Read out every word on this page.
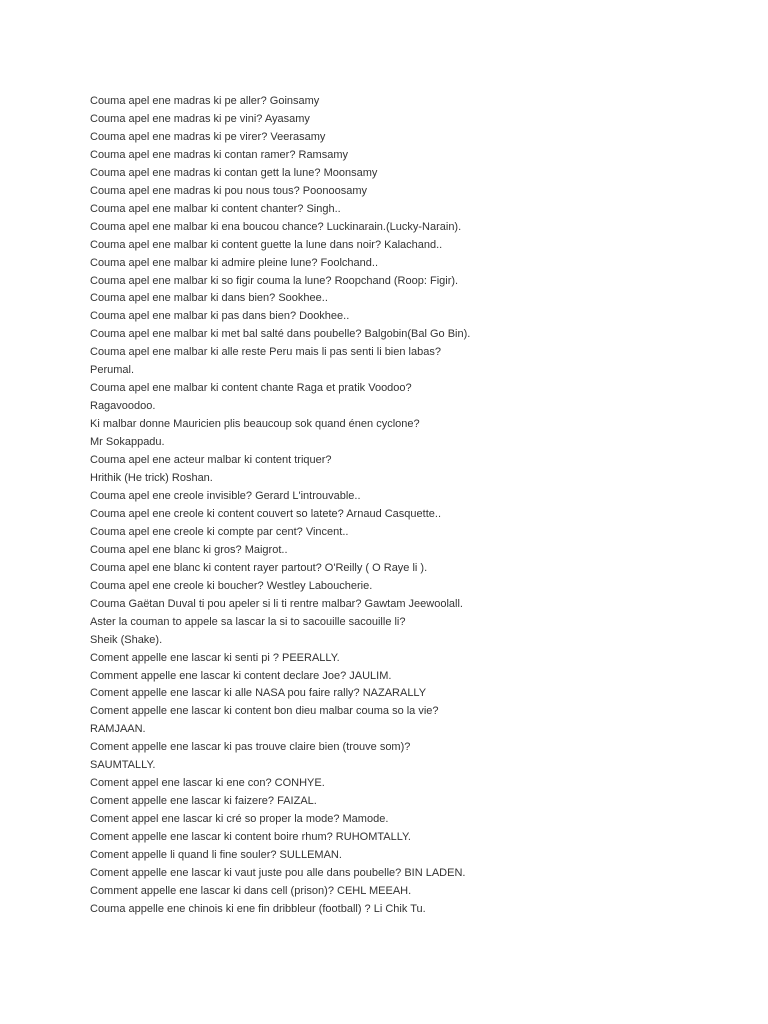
Couma apel ene madras ki pe aller? Goinsamy
Couma apel ene madras ki pe vini? Ayasamy
Couma apel ene madras ki pe virer? Veerasamy
Couma apel ene madras ki contan ramer? Ramsamy
Couma apel ene madras ki contan gett la lune? Moonsamy
Couma apel ene madras ki pou nous tous? Poonoosamy
Couma apel ene malbar ki content chanter? Singh..
Couma apel ene malbar ki ena boucou chance? Luckinarain.(Lucky-Narain).
Couma apel ene malbar ki content guette la lune dans noir? Kalachand..
Couma apel ene malbar ki admire pleine lune? Foolchand..
Couma apel ene malbar ki so figir couma la lune? Roopchand (Roop: Figir).
Couma apel ene malbar ki dans bien? Sookhee..
Couma apel ene malbar ki pas dans bien? Dookhee..
Couma apel ene malbar ki met bal salté dans poubelle? Balgobin(Bal Go Bin).
Couma apel ene malbar ki alle reste Peru mais li pas senti li bien labas?
Perumal.
Couma apel ene malbar ki content chante Raga et pratik Voodoo?
Ragavoodoo.
Ki malbar donne Mauricien plis beaucoup sok quand énen cyclone?
Mr Sokappadu.
Couma apel ene acteur malbar ki content triquer?
Hrithik (He trick) Roshan.
Couma apel ene creole invisible? Gerard L'introuvable..
Couma apel ene creole ki content couvert so latete? Arnaud Casquette..
Couma apel ene creole ki compte par cent? Vincent..
Couma apel ene blanc ki gros? Maigrot..
Couma apel ene blanc ki content rayer partout? O'Reilly ( O Raye li ).
Couma apel ene creole ki boucher? Westley Laboucherie.
Couma Gaëtan Duval ti pou apeler si li ti rentre malbar? Gawtam Jeewoolall.
Aster la couman to appele sa lascar la si to sacouille sacouille li?
Sheik (Shake).
Coment appelle ene lascar ki senti pi ? PEERALLY.
Comment appelle ene lascar ki content declare Joe? JAULIM.
Coment appelle ene lascar ki alle NASA pou faire rally? NAZARALLY
Coment appelle ene lascar ki content bon dieu malbar couma so la vie?
RAMJAAN.
Coment appelle ene lascar ki pas trouve claire bien (trouve som)?
SAUMTALLY.
Coment appel ene lascar ki ene con? CONHYE.
Coment appelle ene lascar ki faizere? FAIZAL.
Coment appel ene lascar ki cré so proper la mode? Mamode.
Coment appelle ene lascar ki content boire rhum? RUHOMTALLY.
Coment appelle li quand li fine souler? SULLEMAN.
Coment appelle ene lascar ki vaut juste pou alle dans poubelle? BIN LADEN.
Comment appelle ene lascar ki dans cell (prison)? CEHL MEEAH.
Couma appelle ene chinois ki ene fin dribbleur (football) ? Li Chik Tu.
